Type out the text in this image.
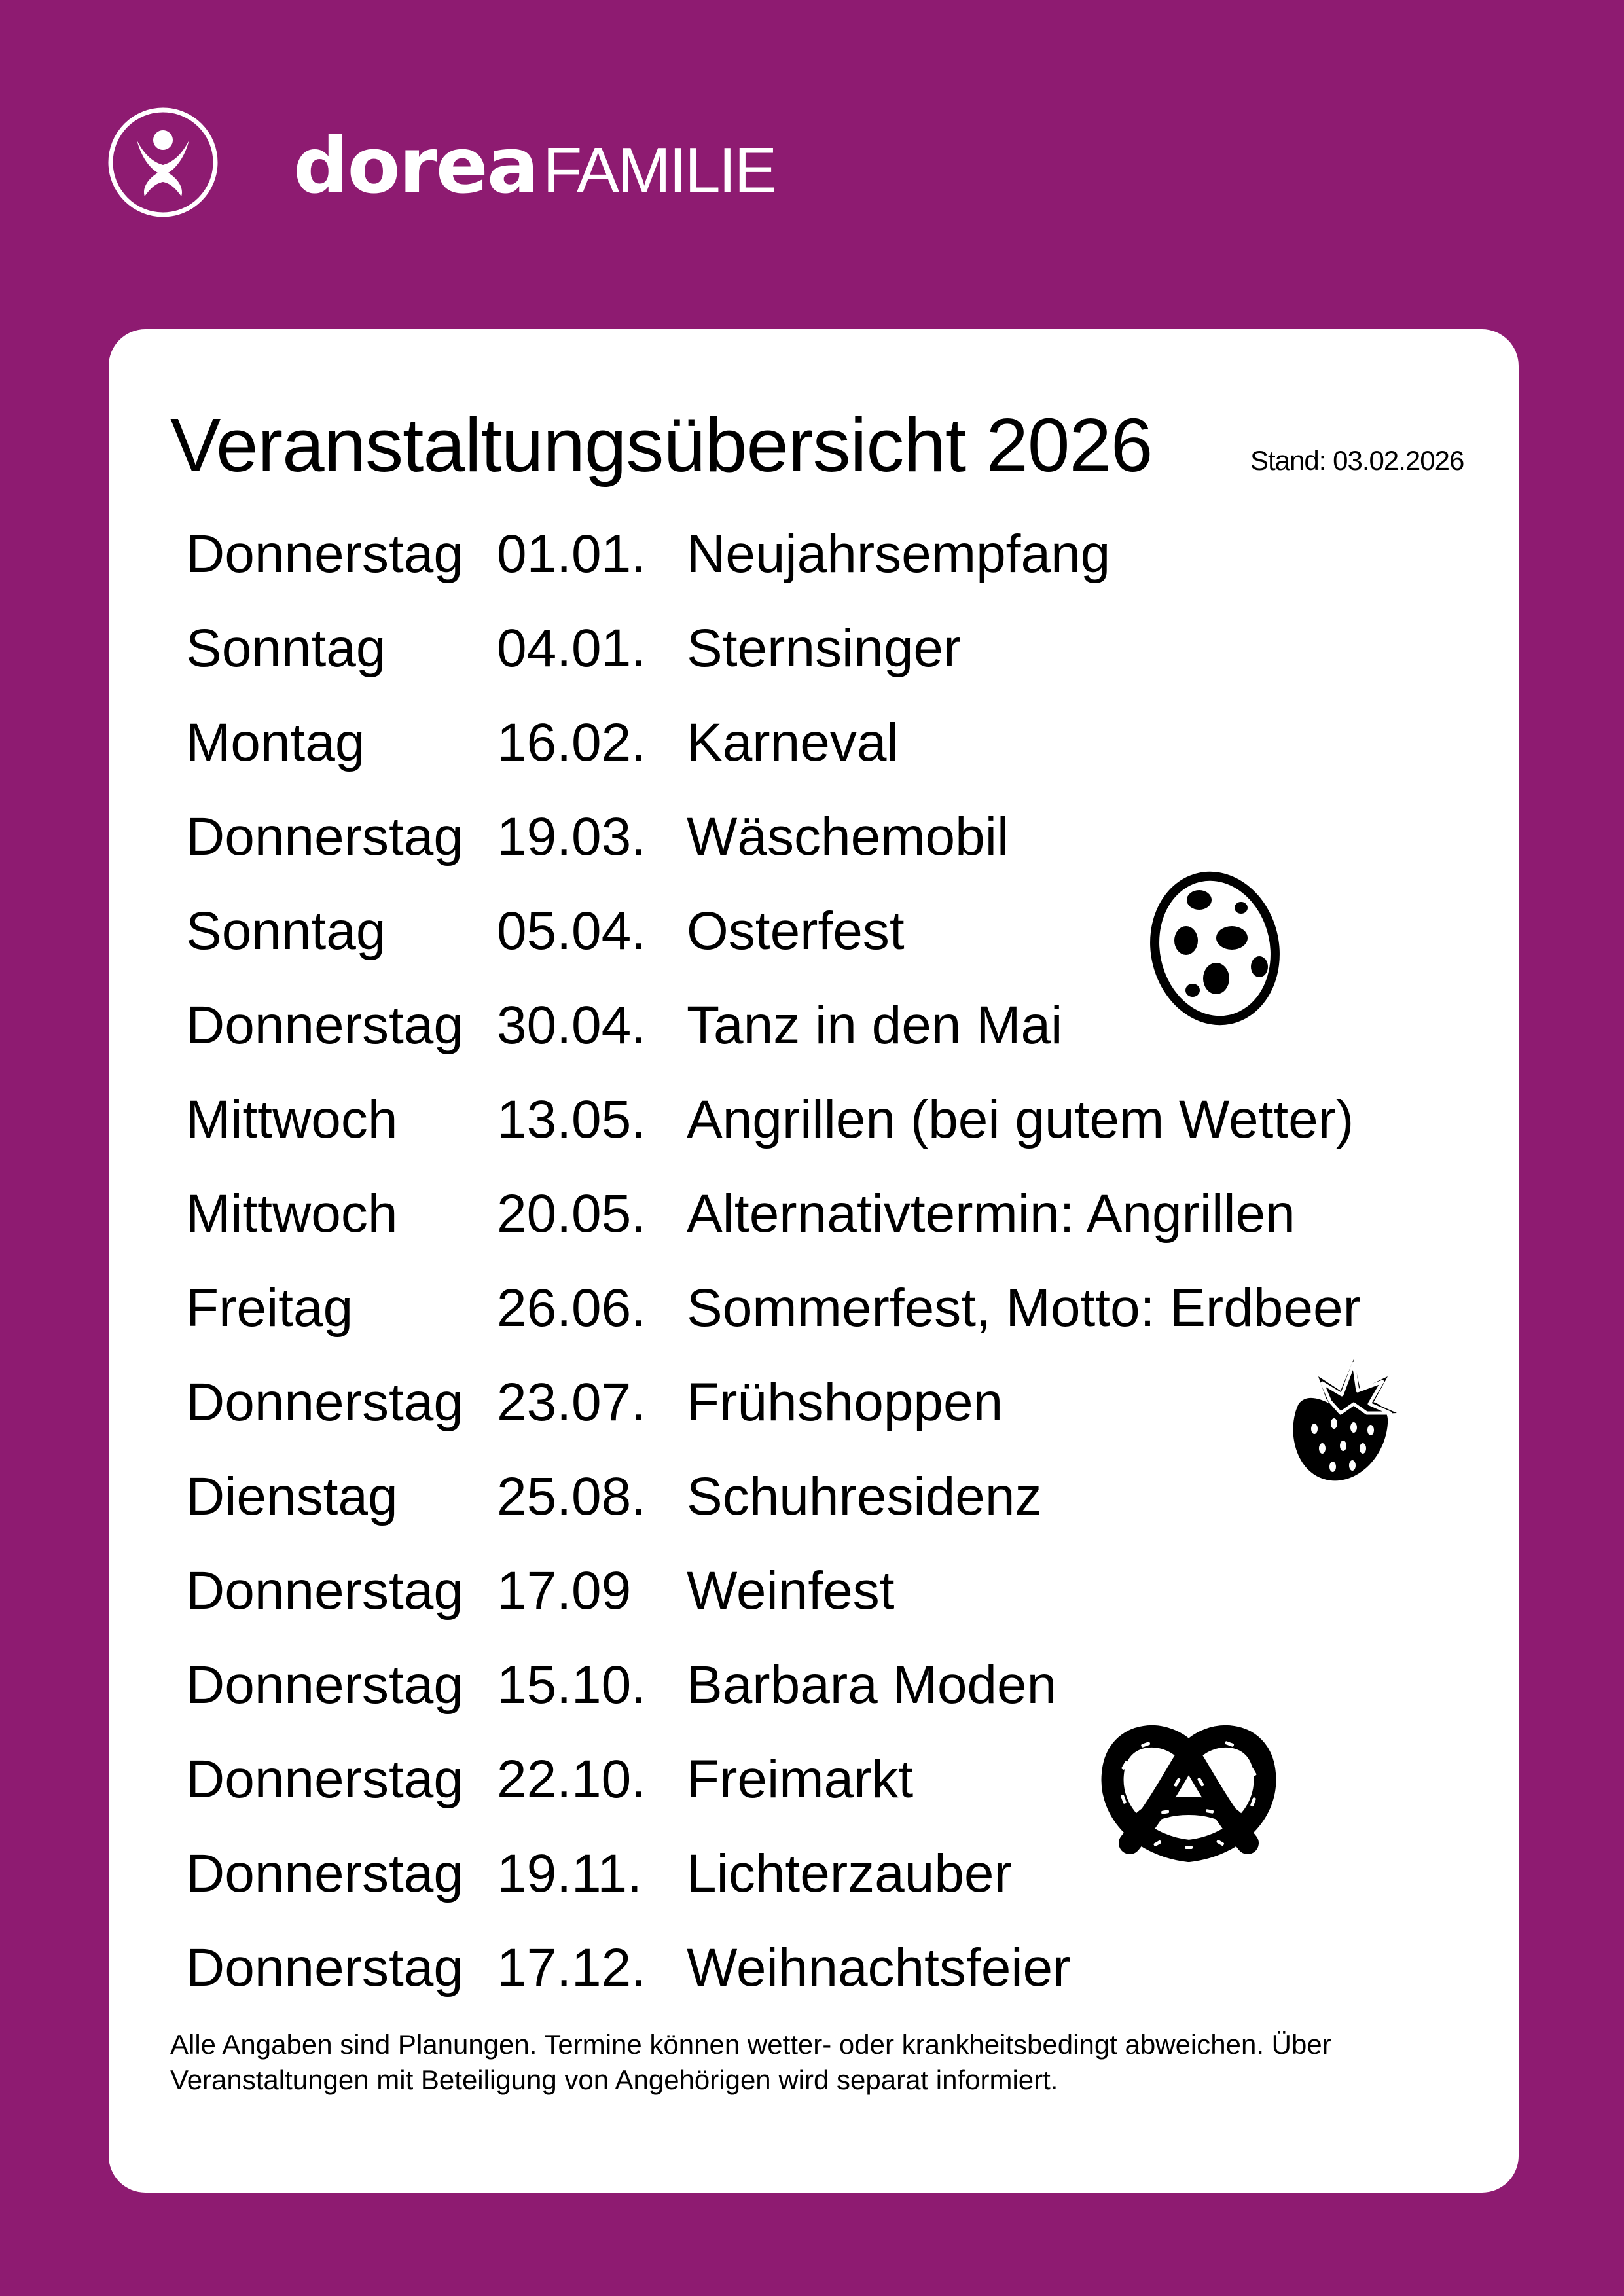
doreaFAMILIE
Veranstaltungsübersicht 2026	Stand: 03.02.2026
Donnerstag 01.01. Neujahrsempfang
Sonntag 04.01. Sternsinger
Montag 16.02. Karneval
Donnerstag 19.03. Wäschemobil
Sonntag 05.04. Osterfest
Donnerstag 30.04. Tanz in den Mai
Mittwoch 13.05. Angrillen (bei gutem Wetter)
Mittwoch 20.05. Alternativtermin: Angrillen
Freitag	26.06. Sommerfest, Motto: Erdbeer
Donnerstag 23.07. Frühshoppen
Dienstag 25.08. Schuhresidenz
Donnerstag 17.09 Weinfest
Donnerstag 15.10. Barbara Moden
Donnerstag 22.10. Freimarkt
Donnerstag 19.11. Lichterzauber
Donnerstag 17.12. Weihnachtsfeier
Alle Angaben sind Planungen. Termine können wetter- oder krankheitsbedingt abweichen. Über Veranstaltungen mit Beteiligung von Angehörigen wird separat informiert.
